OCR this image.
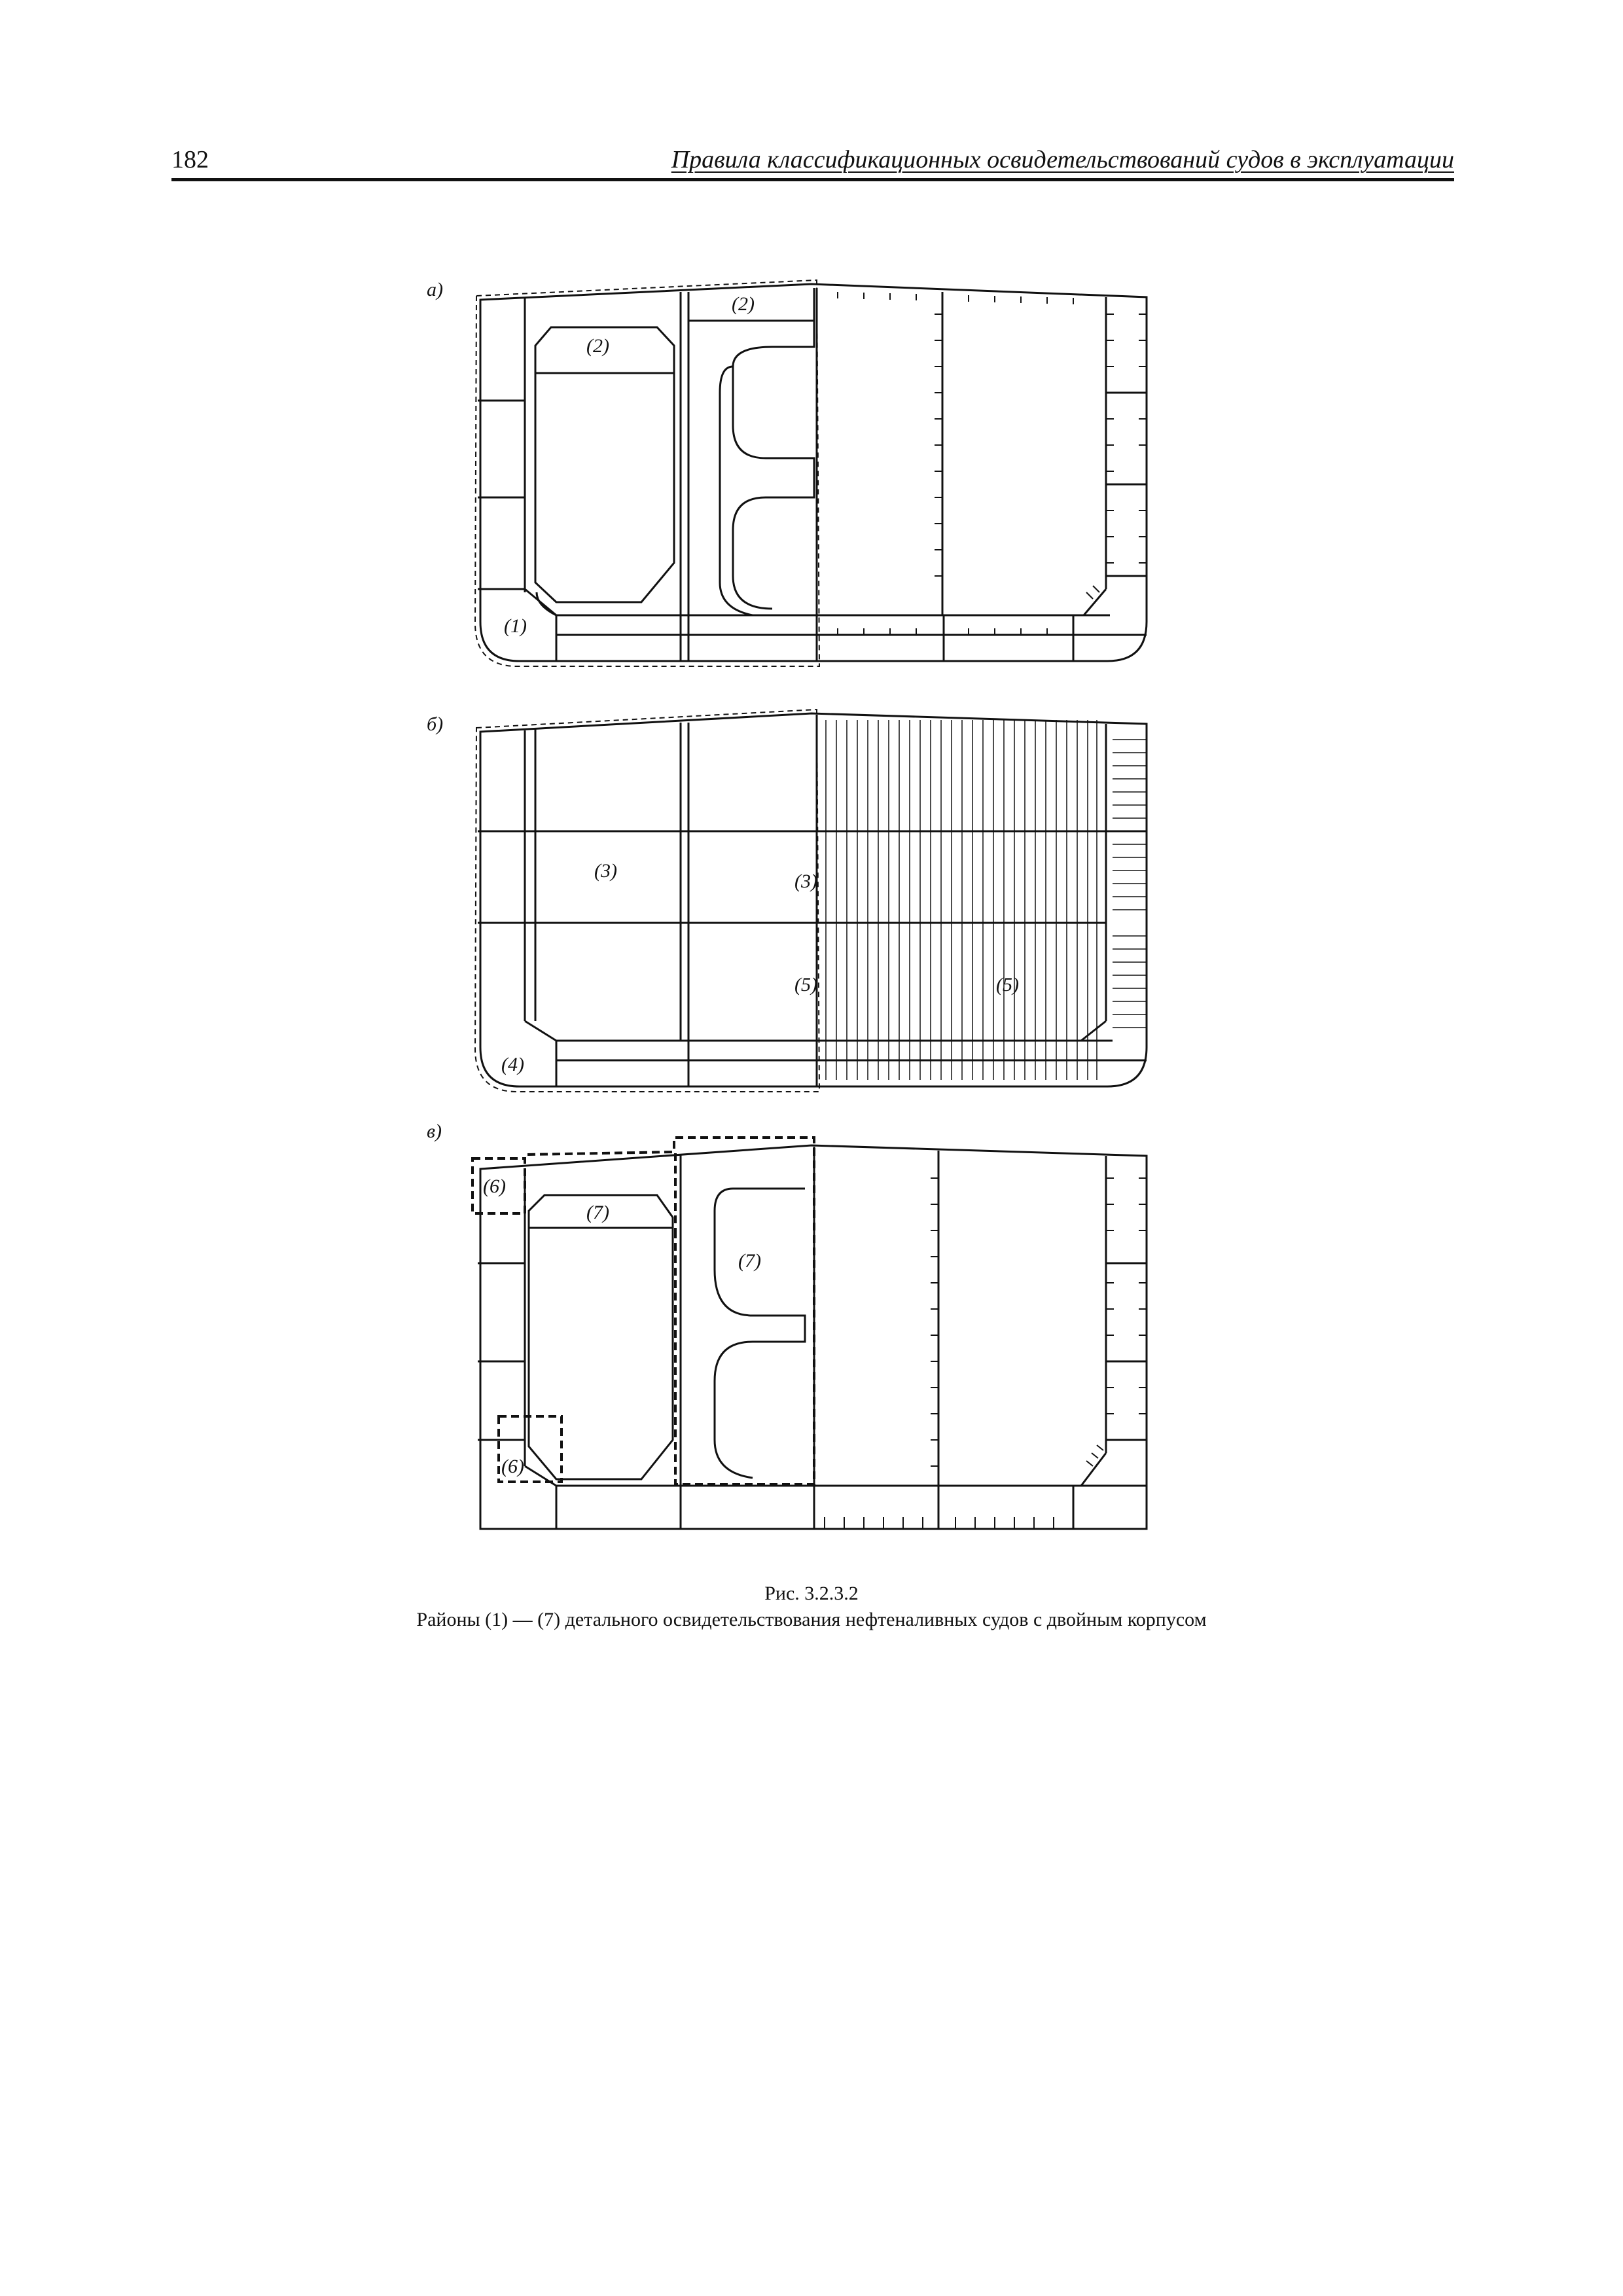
182	Правила классификационных освидетельствований судов в эксплуатации
а)
(2)
(2)
(1)
б)
(3)	(3)
(5)	(5)
(4)
в)
(6)
(7)
(7)
(6)
Рис. 3.2.3.2
Районы (1) — (7) детального освидетельствования нефтеналивных судов с двойным корпусом
